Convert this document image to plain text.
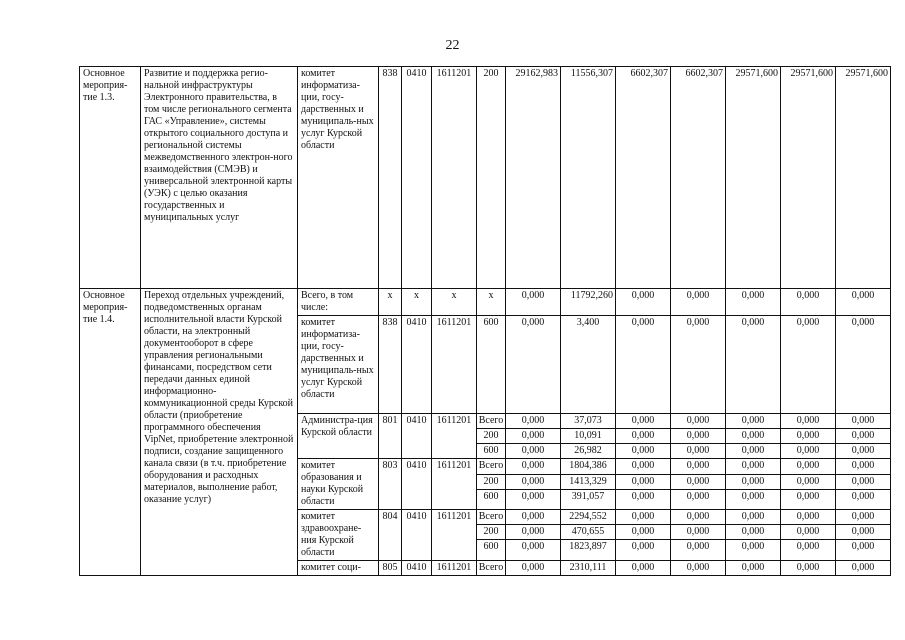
22
Основное мероприя-тие 1.3.	Развитие и поддержка регио-нальной инфраструктуры Электронного правительства, в том числе регионального сегмента ГАС «Управление», системы открытого социального доступа и региональной системы межведомственного электрон-ного взаимодействия (СМЭВ) и универсальной электронной карты (УЭК) с целью оказания государственных и муниципальных услуг	комитет информатиза-ции, госу-дарственных и муниципаль-ных услуг Курской области	838	0410	1611201	200	29162,983	11556,307	6602,307	6602,307	29571,600	29571,600	29571,600
Основное мероприя-тие 1.4.	Переход отдельных учреждений, подведомственных органам исполнительной власти Курской области, на электронный документооборот в сфере управления региональными финансами, посредством сети передачи данных единой информационно-коммуникационной среды Курской области (приобретение программного обеспечения VipNet, приобретение электронной подписи, создание защищенного канала связи (в т.ч. приобретение оборудования и расходных материалов, выполнение работ, оказание услуг)	Всего, в том числе:	х	х	х	х	0,000	11792,260	0,000	0,000	0,000	0,000	0,000
		комитет информатиза-ции, госу-дарственных и муниципаль-ных услуг Курской области	838	0410	1611201	600	0,000	3,400	0,000	0,000	0,000	0,000	0,000
		Администра-ция Курской области	801	0410	1611201	Всего	0,000	37,073	0,000	0,000	0,000	0,000	0,000
						200	0,000	10,091	0,000	0,000	0,000	0,000	0,000
						600	0,000	26,982	0,000	0,000	0,000	0,000	0,000
		комитет образования и науки Курской области	803	0410	1611201	Всего	0,000	1804,386	0,000	0,000	0,000	0,000	0,000
						200	0,000	1413,329	0,000	0,000	0,000	0,000	0,000
						600	0,000	391,057	0,000	0,000	0,000	0,000	0,000
		комитет здравоохране-ния Курской области	804	0410	1611201	Всего	0,000	2294,552	0,000	0,000	0,000	0,000	0,000
						200	0,000	470,655	0,000	0,000	0,000	0,000	0,000
						600	0,000	1823,897	0,000	0,000	0,000	0,000	0,000
		комитет соци-	805	0410	1611201	Всего	0,000	2310,111	0,000	0,000	0,000	0,000	0,000
